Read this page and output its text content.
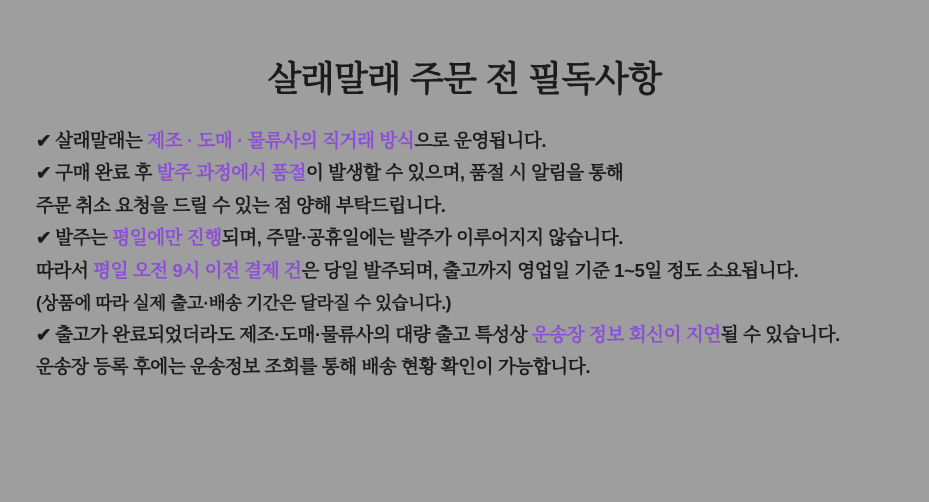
살래말래 주문 전 필독사항
✔ 살래말래는 제조 · 도매 · 물류사의 직거래 방식으로 운영됩니다.
✔ 구매 완료 후 발주 과정에서 품절이 발생할 수 있으며, 품절 시 알림을 통해
주문 취소 요청을 드릴 수 있는 점 양해 부탁드립니다.
✔ 발주는 평일에만 진행되며, 주말·공휴일에는 발주가 이루어지지 않습니다.
따라서 평일 오전 9시 이전 결제 건은 당일 발주되며, 출고까지 영업일 기준 1~5일 정도 소요됩니다.
(상품에 따라 실제 출고·배송 기간은 달라질 수 있습니다.)
✔ 출고가 완료되었더라도 제조·도매·물류사의 대량 출고 특성상 운송장 정보 회신이 지연될 수 있습니다.
운송장 등록 후에는 운송정보 조회를 통해 배송 현황 확인이 가능합니다.
